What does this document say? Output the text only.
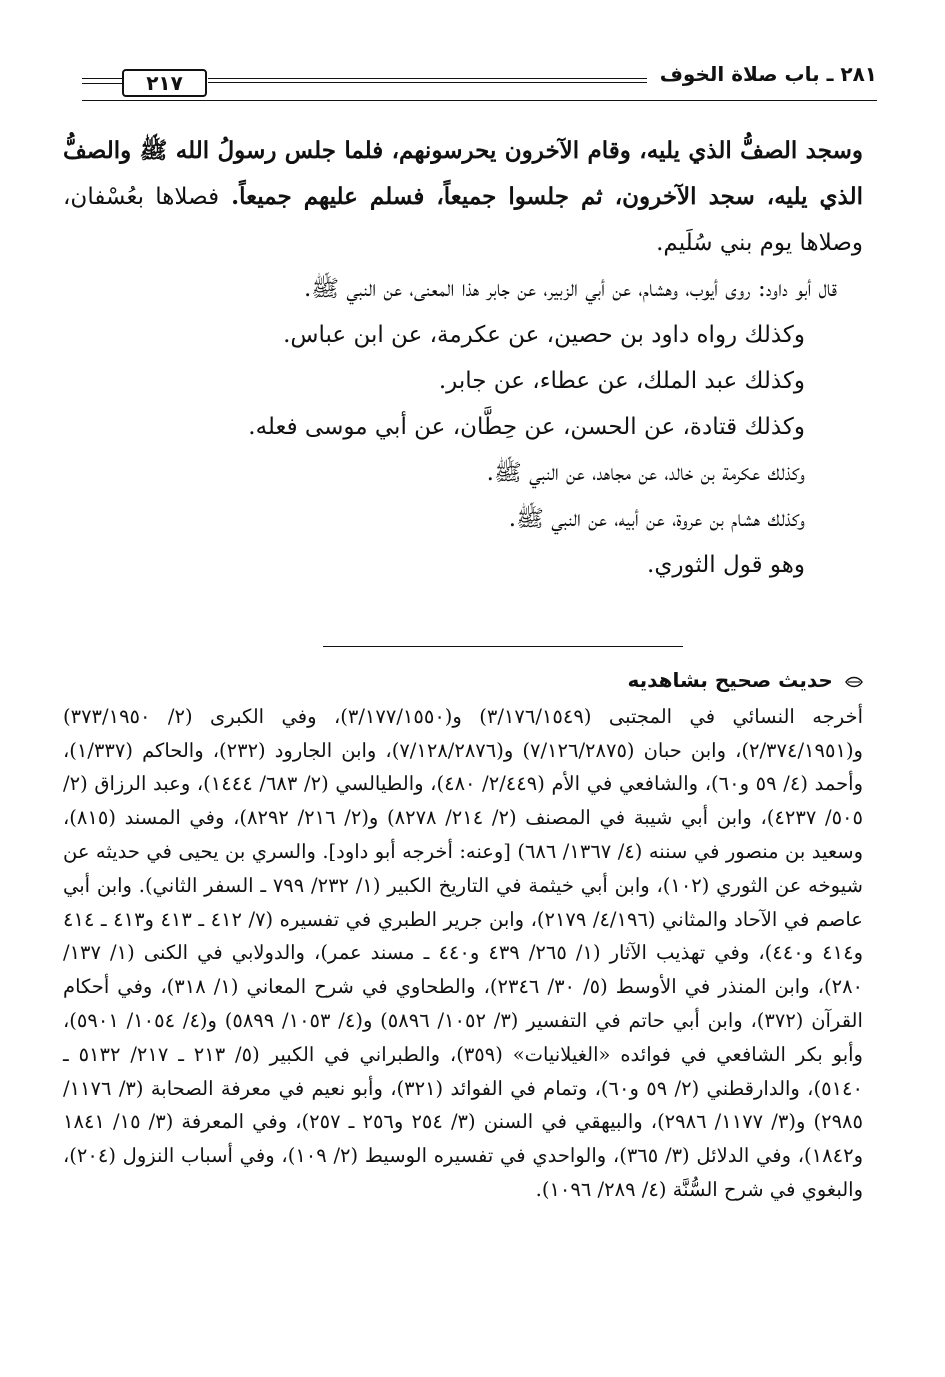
٢٨١ ـ باب صلاة الخوف
٢١٧

وسجد الصفُّ الذي يليه، وقام الآخرون يحرسونهم، فلما جلس رسولُ الله ﷺ والصفُّ الذي يليه، سجد الآخرون، ثم جلسوا جميعاً، فسلم عليهم جميعاً. فصلاها بعُسْفان، وصلاها يوم بني سُلَيم.

قال أبو داود: روى أيوب، وهشام، عن أبي الزبير، عن جابر هذا المعنى، عن النبي ﷺ.

وكذلك رواه داود بن حصين، عن عكرمة، عن ابن عباس.

وكذلك عبد الملك، عن عطاء، عن جابر.

وكذلك قتادة، عن الحسن، عن حِطَّان، عن أبي موسى فعله.

وكذلك عكرمة بن خالد، عن مجاهد، عن النبي ﷺ.

وكذلك هشام بن عروة، عن أبيه، عن النبي ﷺ.

وهو قول الثوري.

حديث صحيح بشاهديه

أخرجه النسائي في المجتبى (٣/١٧٦/١٥٤٩) و(٣/١٧٧/١٥٥٠)، وفي الكبرى (٢/ ٣٧٣/١٩٥٠) و(٢/٣٧٤/١٩٥١)، وابن حبان (٧/١٢٦/٢٨٧٥) و(٧/١٢٨/٢٨٧٦)، وابن الجارود (٢٣٢)، والحاكم (١/٣٣٧)، وأحمد (٤/ ٥٩ و٦٠)، والشافعي في الأم (٢/٤٤٩/ ٤٨٠)، والطيالسي (٢/ ٦٨٣/ ١٤٤٤)، وعبد الرزاق (٢/ ٥٠٥/ ٤٢٣٧)، وابن أبي شيبة في المصنف (٢/ ٢١٤/ ٨٢٧٨) و(٢/ ٢١٦/ ٨٢٩٢)، وفي المسند (٨١٥)، وسعيد بن منصور في سننه (٤/ ١٣٦٧/ ٦٨٦) [وعنه: أخرجه أبو داود]. والسري بن يحيى في حديثه عن شيوخه عن الثوري (١٠٢)، وابن أبي خيثمة في التاريخ الكبير (١/ ٢٣٢/ ٧٩٩ ـ السفر الثاني). وابن أبي عاصم في الآحاد والمثاني (٤/١٩٦/ ٢١٧٩)، وابن جرير الطبري في تفسيره (٧/ ٤١٢ ـ ٤١٣ و٤١٣ ـ ٤١٤ و٤١٤ و٤٤٠)، وفي تهذيب الآثار (١/ ٢٦٥/ ٤٣٩ و٤٤٠ ـ مسند عمر)، والدولابي في الكنى (١/ ١٣٧/ ٢٨٠)، وابن المنذر في الأوسط (٥/ ٣٠/ ٢٣٤٦)، والطحاوي في شرح المعاني (١/ ٣١٨)، وفي أحكام القرآن (٣٧٢)، وابن أبي حاتم في التفسير (٣/ ١٠٥٢/ ٥٨٩٦) و(٤/ ١٠٥٣/ ٥٨٩٩) و(٤/ ١٠٥٤/ ٥٩٠١)، وأبو بكر الشافعي في فوائده «الغيلانيات» (٣٥٩)، والطبراني في الكبير (٥/ ٢١٣ ـ ٢١٧/ ٥١٣٢ ـ ٥١٤٠)، والدارقطني (٢/ ٥٩ و٦٠)، وتمام في الفوائد (٣٢١)، وأبو نعيم في معرفة الصحابة (٣/ ١١٧٦/ ٢٩٨٥) و(٣/ ١١٧٧/ ٢٩٨٦)، والبيهقي في السنن (٣/ ٢٥٤ و٢٥٦ ـ ٢٥٧)، وفي المعرفة (٣/ ١٥/ ١٨٤١ و١٨٤٢)، وفي الدلائل (٣/ ٣٦٥)، والواحدي في تفسيره الوسيط (٢/ ١٠٩)، وفي أسباب النزول (٢٠٤)، والبغوي في شرح السُّنَّة (٤/ ٢٨٩/ ١٠٩٦).
